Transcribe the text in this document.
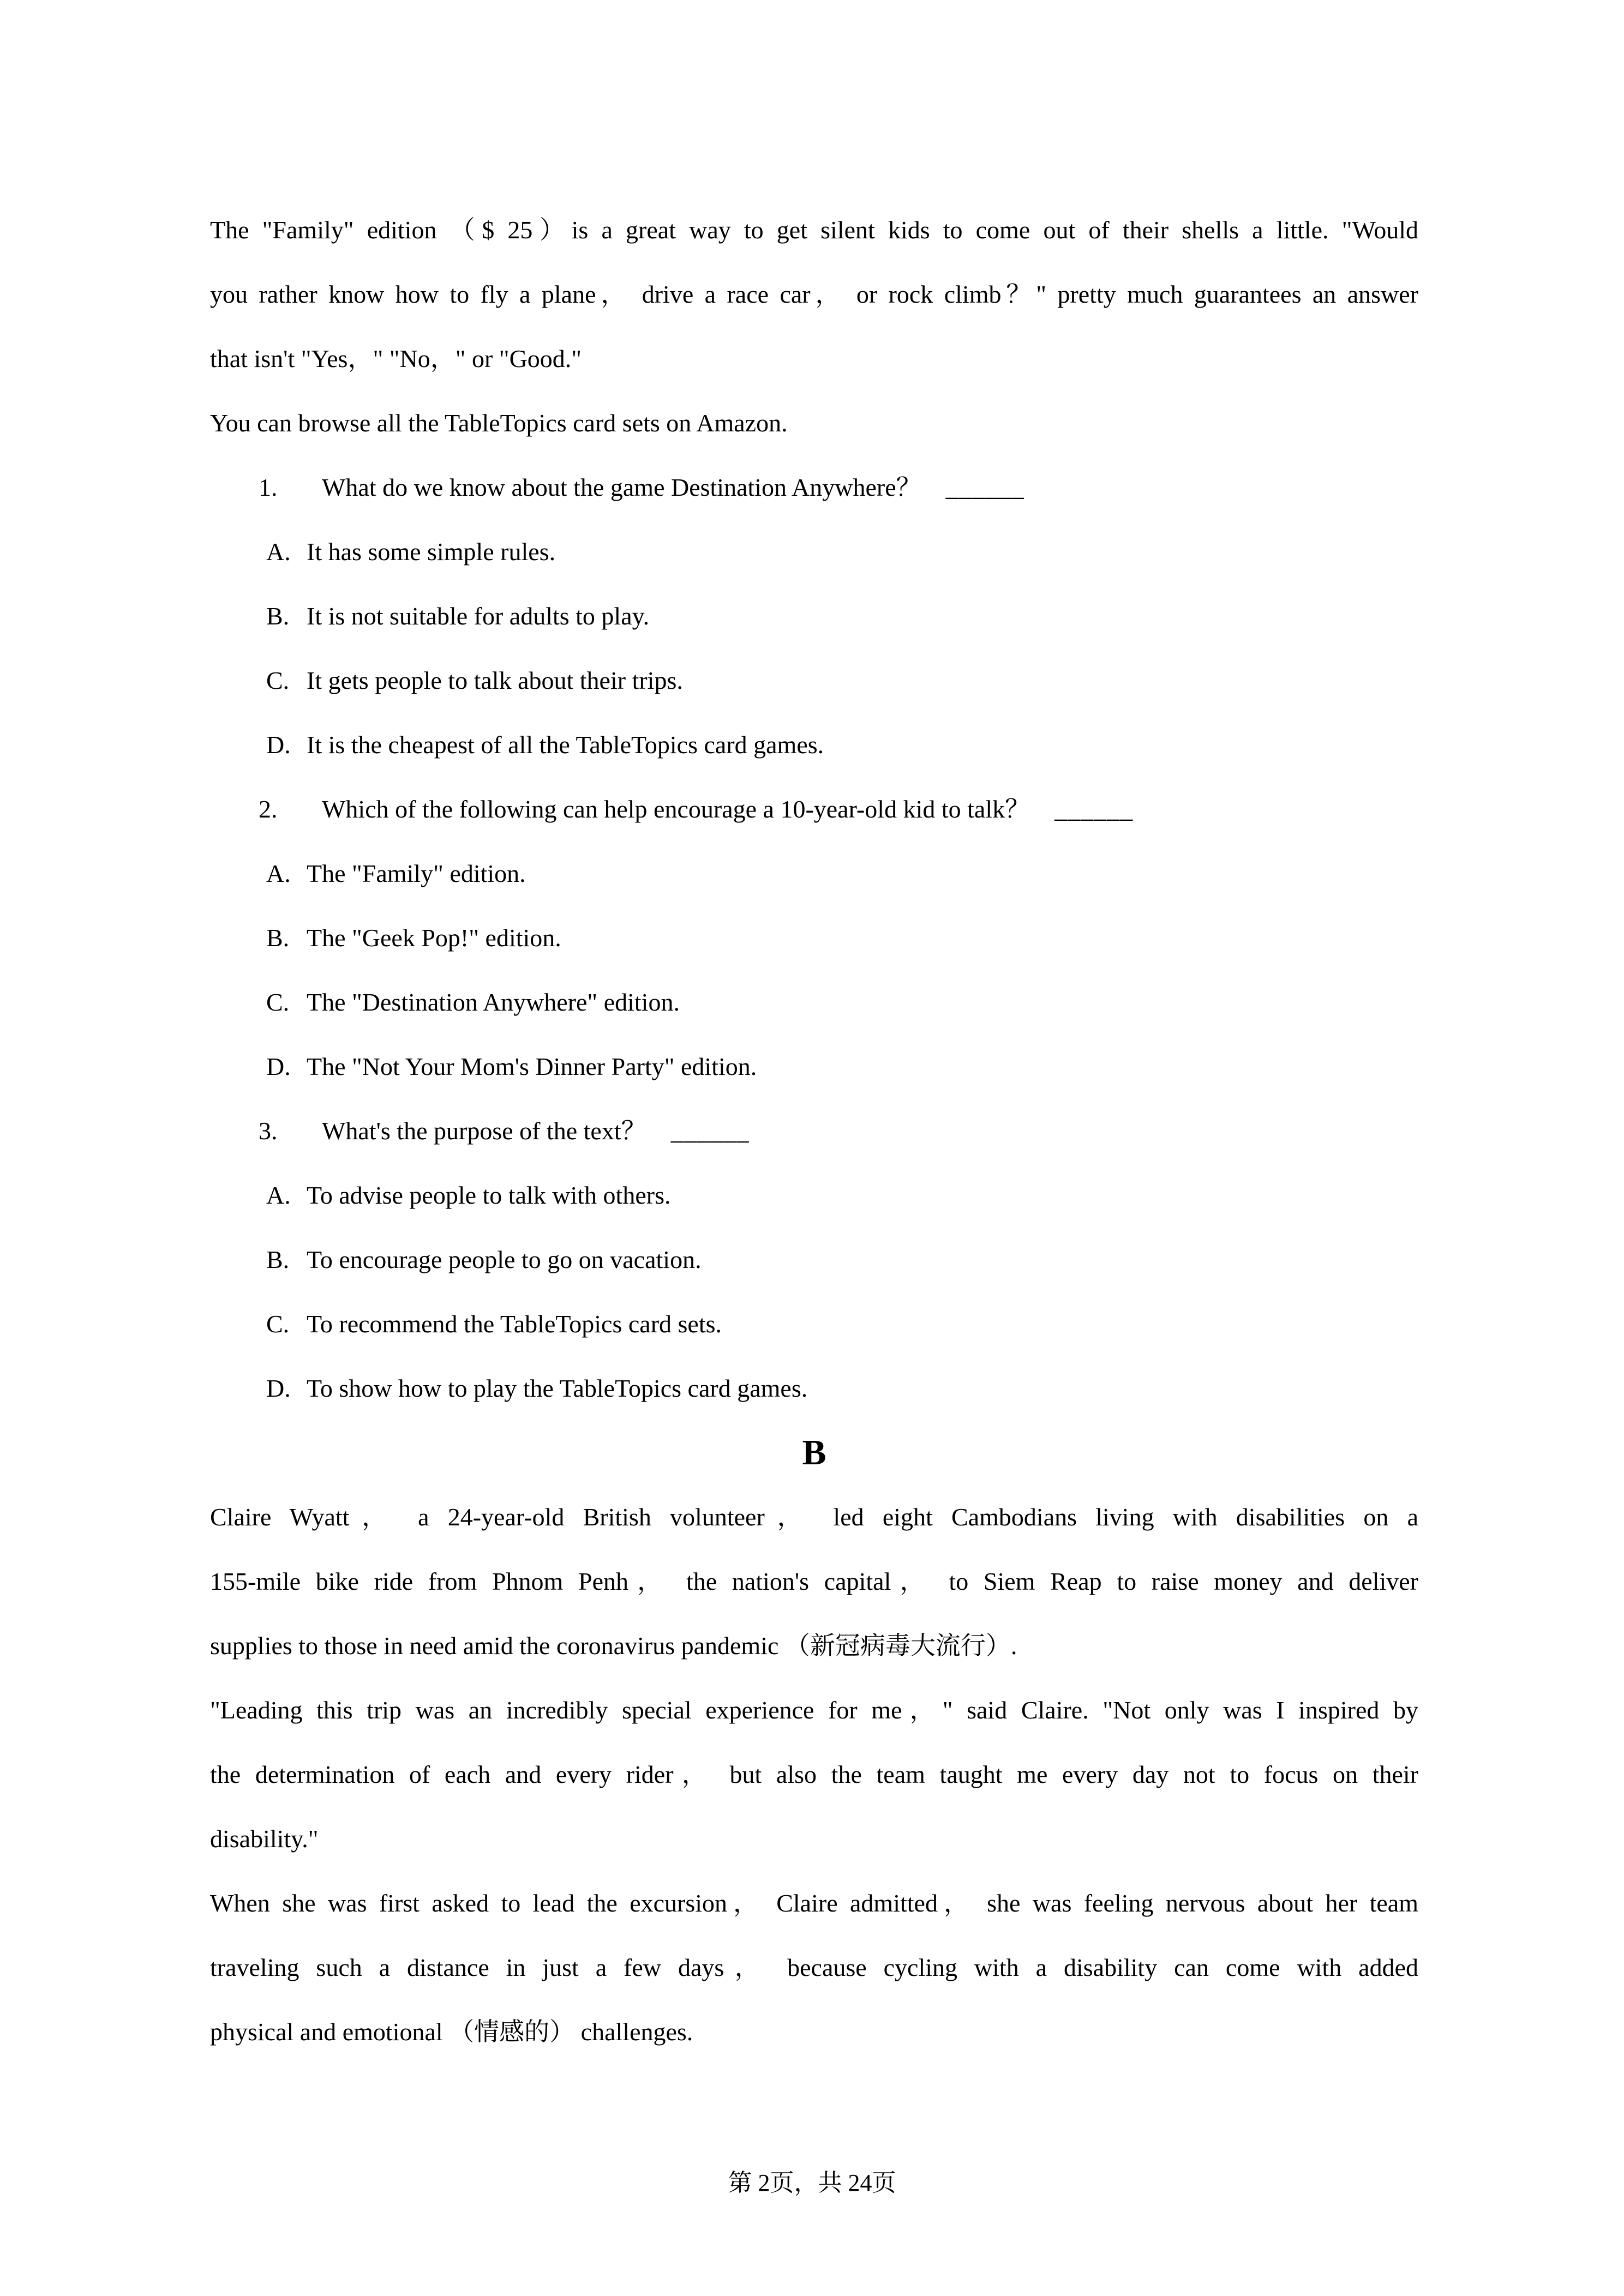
The "Family" edition （$ 25）is a great way to get silent kids to come out of their shells a little. "Would
you rather know how to fly a plane， drive a race car， or rock climb？" pretty much guarantees an answer
that isn't "Yes，" "No，" or "Good."
You can browse all the TableTopics card sets on Amazon.
1. What do we know about the game Destination Anywhere？ ______
A. It has some simple rules.
B. It is not suitable for adults to play.
C. It gets people to talk about their trips.
D. It is the cheapest of all the TableTopics card games.
2. Which of the following can help encourage a 10-year-old kid to talk？ ______
A. The "Family" edition.
B. The "Geek Pop!" edition.
C. The "Destination Anywhere" edition.
D. The "Not Your Mom's Dinner Party" edition.
3. What's the purpose of the text？ ______
A. To advise people to talk with others.
B. To encourage people to go on vacation.
C. To recommend the TableTopics card sets.
D. To show how to play the TableTopics card games.
B
Claire Wyatt， a 24-year-old British volunteer， led eight Cambodians living with disabilities on a
155-mile bike ride from Phnom Penh， the nation's capital， to Siem Reap to raise money and deliver
supplies to those in need amid the coronavirus pandemic （新冠病毒大流行）.
"Leading this trip was an incredibly special experience for me，" said Claire. "Not only was I inspired by
the determination of each and every rider， but also the team taught me every day not to focus on their
disability."
When she was first asked to lead the excursion， Claire admitted， she was feeling nervous about her team
traveling such a distance in just a few days， because cycling with a disability can come with added
physical and emotional （情感的） challenges.
第 2页，共 24页
